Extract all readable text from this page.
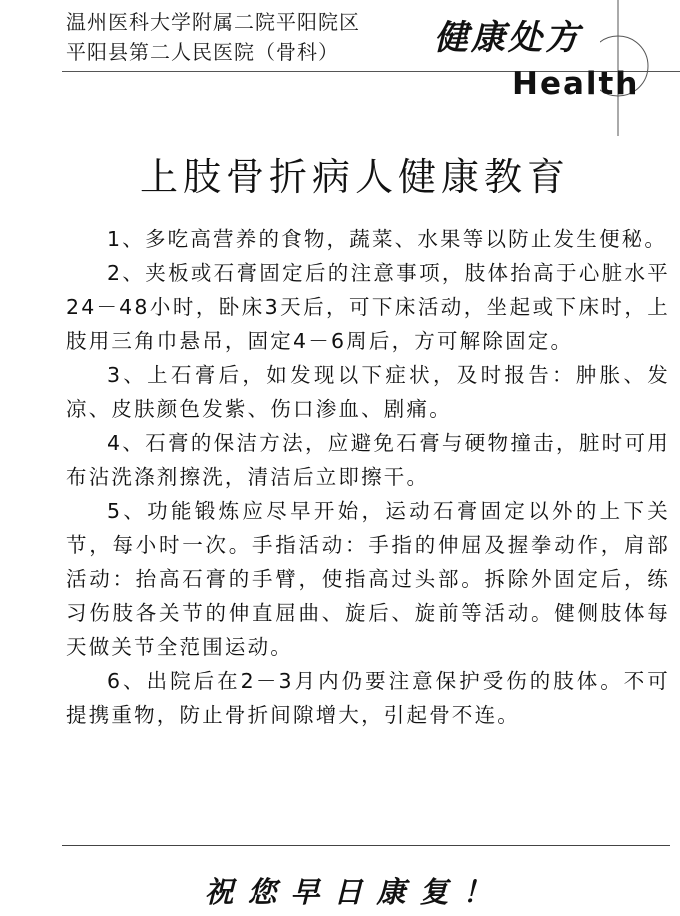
温州医科大学附属二院平阳院区
平阳县第二人民医院（骨科）	健康处方
Health
上肢骨折病人健康教育

1、多吃高营养的食物，蔬菜、水果等以防止发生便秘。

2、夹板或石膏固定后的注意事项，肢体抬高于心脏水平24－48小时，卧床3天后，可下床活动，坐起或下床时，上肢用三角巾悬吊，固定4－6周后，方可解除固定。

3、上石膏后，如发现以下症状，及时报告：肿胀、发凉、皮肤颜色发紫、伤口渗血、剧痛。

4、石膏的保洁方法，应避免石膏与硬物撞击，脏时可用布沾洗涤剂擦洗，清洁后立即擦干。

5、功能锻炼应尽早开始，运动石膏固定以外的上下关节，每小时一次。手指活动：手指的伸屈及握拳动作，肩部活动：抬高石膏的手臂，使指高过头部。拆除外固定后，练习伤肢各关节的伸直屈曲、旋后、旋前等活动。健侧肢体每天做关节全范围运动。

6、出院后在2－3月内仍要注意保护受伤的肢体。不可提携重物，防止骨折间隙增大，引起骨不连。

祝您早日康复！
